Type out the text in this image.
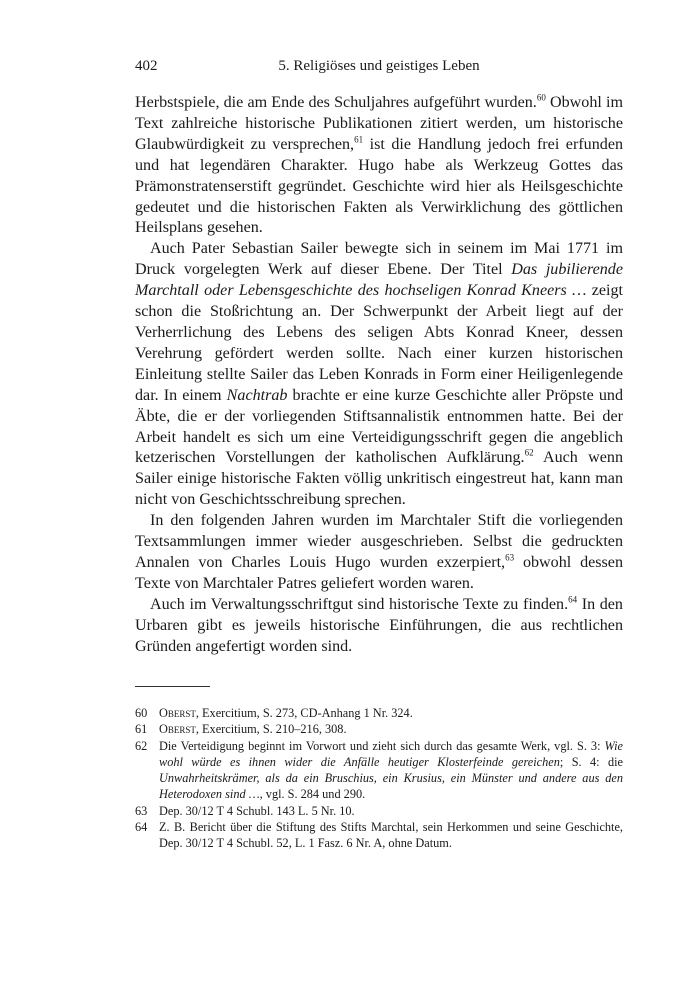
402	5. Religiöses und geistiges Leben

Herbstspiele, die am Ende des Schuljahres aufgeführt wurden.$^{60}$ Obwohl im Text zahlreiche historische Publikationen zitiert werden, um historische Glaubwürdigkeit zu versprechen,$^{61}$ ist die Handlung jedoch frei erfunden und hat legendären Charakter. Hugo habe als Werkzeug Gottes das Prämonstratenserstift gegründet. Geschichte wird hier als Heilsgeschichte gedeutet und die historischen Fakten als Verwirklichung des göttlichen Heilsplans gesehen.

Auch Pater Sebastian Sailer bewegte sich in seinem im Mai 1771 im Druck vorgelegten Werk auf dieser Ebene. Der Titel Das jubilierende Marchtall oder Lebensgeschichte des hochseligen Konrad Kneers … zeigt schon die Stoßrichtung an. Der Schwerpunkt der Arbeit liegt auf der Verherrlichung des Lebens des seligen Abts Konrad Kneer, dessen Verehrung gefördert werden sollte. Nach einer kurzen historischen Einleitung stellte Sailer das Leben Konrads in Form einer Heiligenlegende dar. In einem Nachtrab brachte er eine kurze Geschichte aller Pröpste und Äbte, die er der vorliegenden Stiftsannalistik entnommen hatte. Bei der Arbeit handelt es sich um eine Verteidigungsschrift gegen die angeblich ketzerischen Vorstellungen der katholischen Aufklärung.$^{62}$ Auch wenn Sailer einige historische Fakten völlig unkritisch eingestreut hat, kann man nicht von Geschichtsschreibung sprechen.

In den folgenden Jahren wurden im Marchtaler Stift die vorliegenden Textsammlungen immer wieder ausgeschrieben. Selbst die gedruckten Annalen von Charles Louis Hugo wurden exzerpiert,$^{63}$ obwohl dessen Texte von Marchtaler Patres geliefert worden waren.

Auch im Verwaltungsschriftgut sind historische Texte zu finden.$^{64}$ In den Urbaren gibt es jeweils historische Einführungen, die aus rechtlichen Gründen angefertigt worden sind.

60 Oberst, Exercitium, S. 273, CD-Anhang 1 Nr. 324.
61 Oberst, Exercitium, S. 210–216, 308.
62 Die Verteidigung beginnt im Vorwort und zieht sich durch das gesamte Werk, vgl. S. 3: Wie wohl würde es ihnen wider die Anfälle heutiger Klosterfeinde gereichen; S. 4: die Unwahrheitskrämer, als da ein Bruschius, ein Krusius, ein Münster und andere aus den Heterodoxen sind …, vgl. S. 284 und 290.
63 Dep. 30/12 T 4 Schubl. 143 L. 5 Nr. 10.
64 Z. B. Bericht über die Stiftung des Stifts Marchtal, sein Herkommen und seine Geschichte, Dep. 30/12 T 4 Schubl. 52, L. 1 Fasz. 6 Nr. A, ohne Datum.
